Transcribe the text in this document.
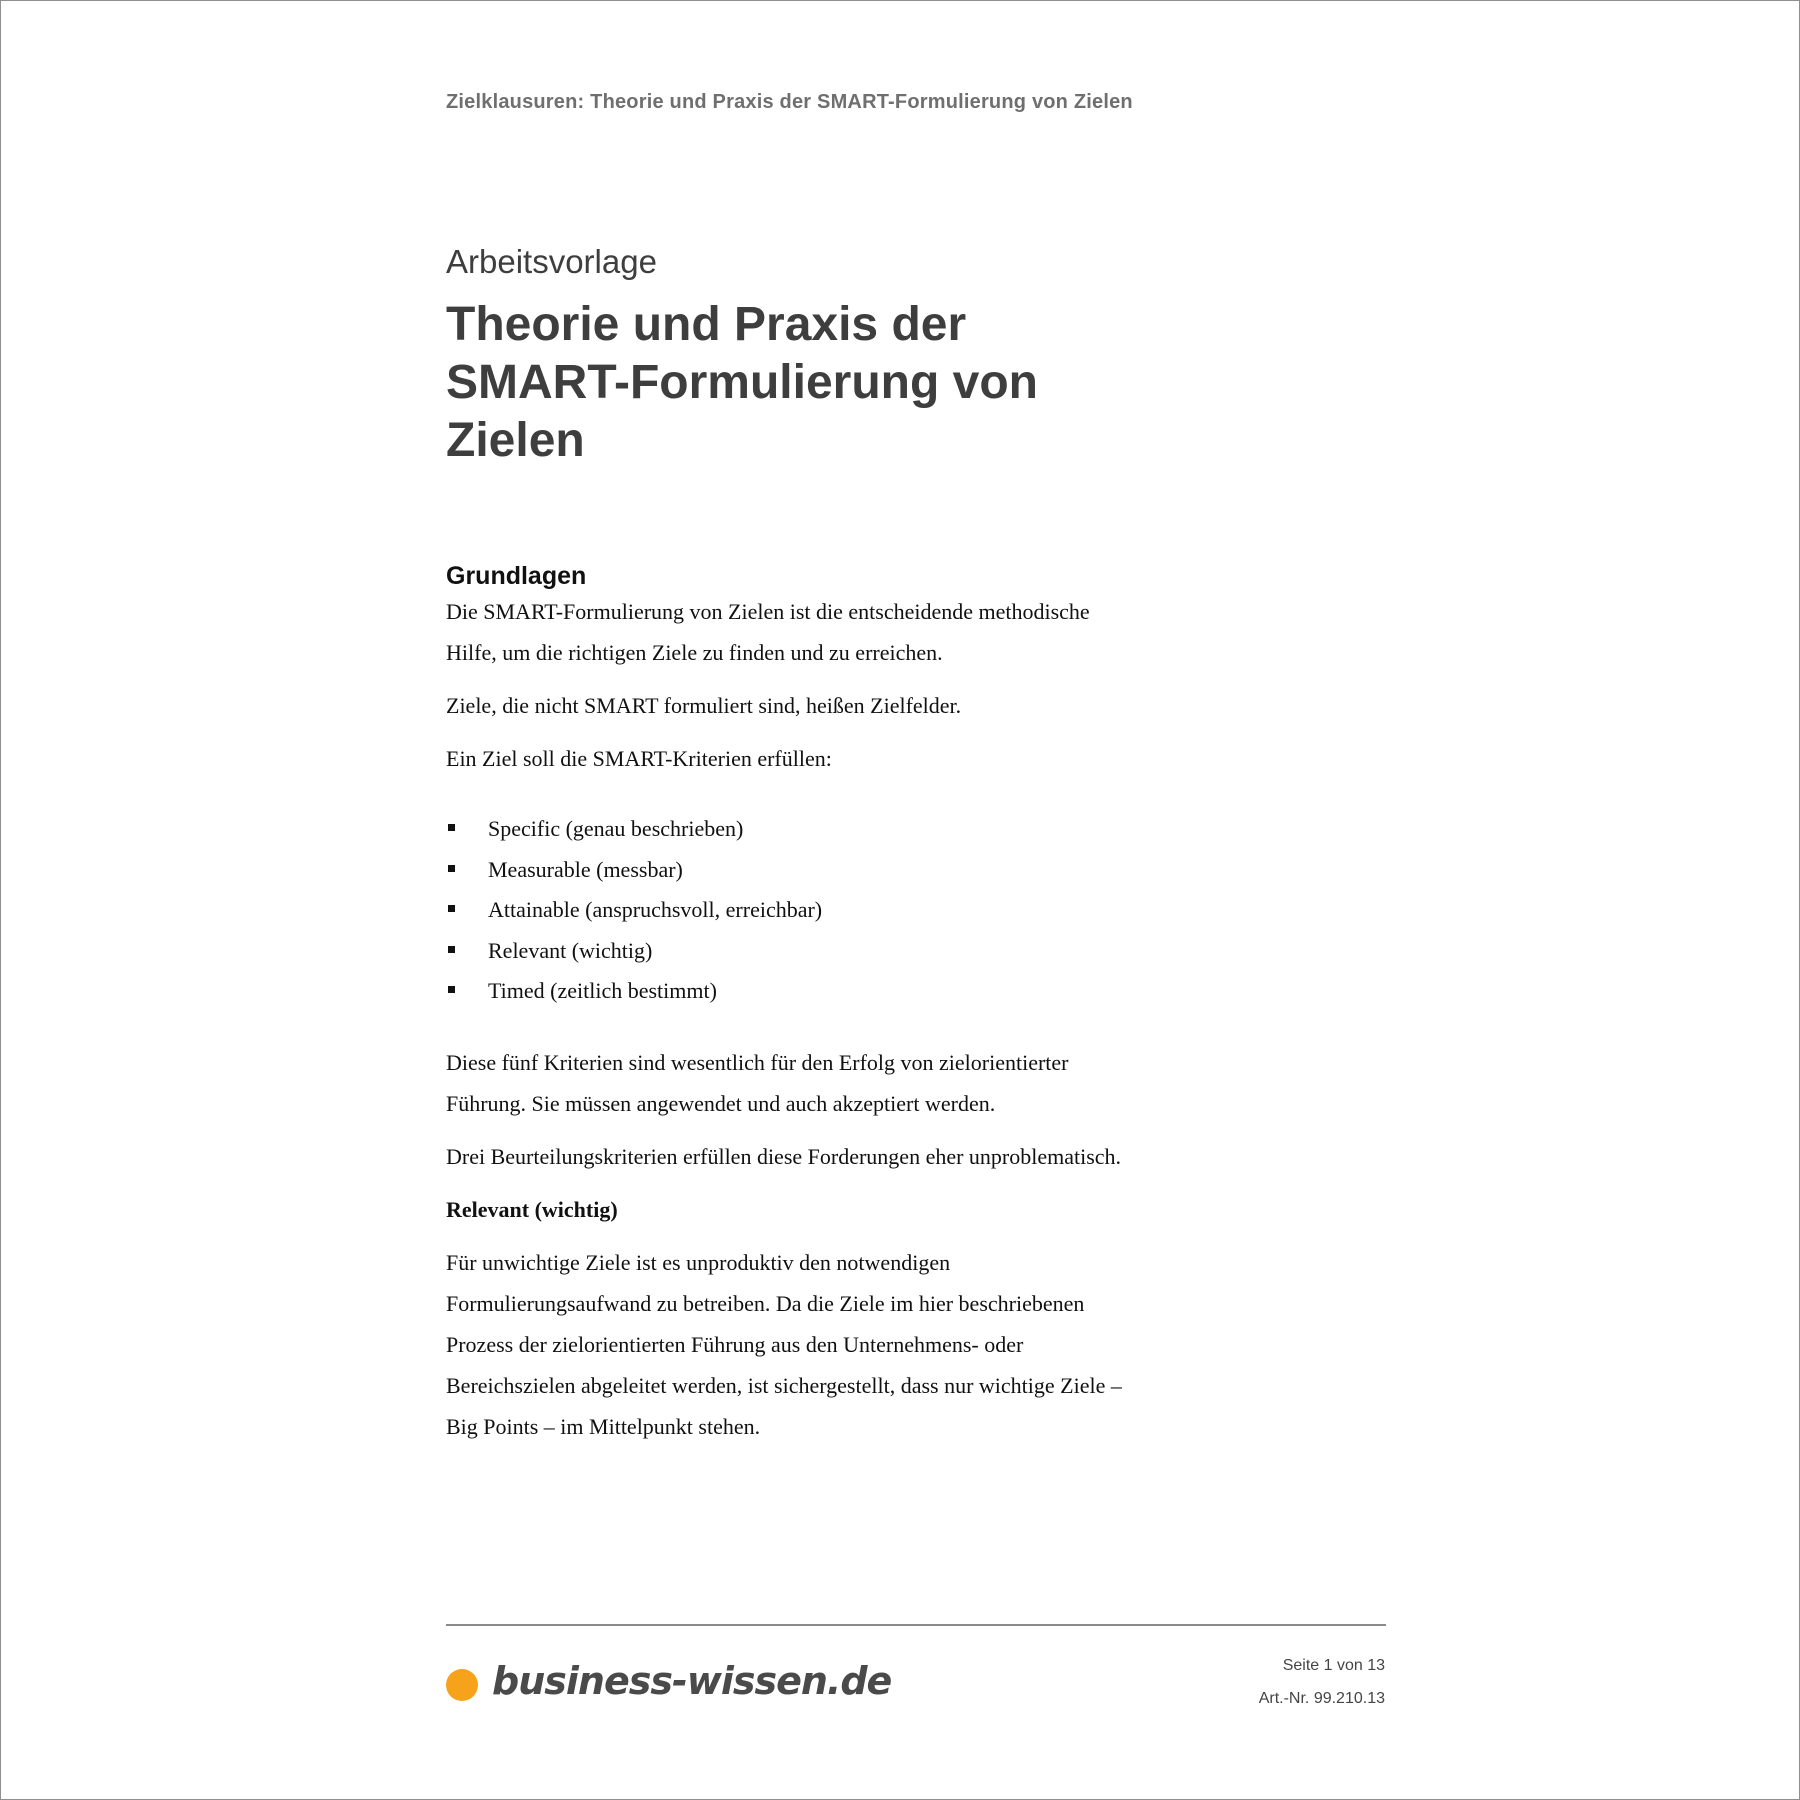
Zielklausuren: Theorie und Praxis der SMART-Formulierung von Zielen
Arbeitsvorlage
Theorie und Praxis der
SMART-Formulierung von
Zielen
Grundlagen

Die SMART-Formulierung von Zielen ist die entscheidende methodische
Hilfe, um die richtigen Ziele zu finden und zu erreichen.

Ziele, die nicht SMART formuliert sind, heißen Zielfelder.

Ein Ziel soll die SMART-Kriterien erfüllen:

Specific (genau beschrieben)
Measurable (messbar)
Attainable (anspruchsvoll, erreichbar)
Relevant (wichtig)
Timed (zeitlich bestimmt)

Diese fünf Kriterien sind wesentlich für den Erfolg von zielorientierter
Führung. Sie müssen angewendet und auch akzeptiert werden.

Drei Beurteilungskriterien erfüllen diese Forderungen eher unproblematisch.

Relevant (wichtig)

Für unwichtige Ziele ist es unproduktiv den notwendigen
Formulierungsaufwand zu betreiben. Da die Ziele im hier beschriebenen
Prozess der zielorientierten Führung aus den Unternehmens- oder
Bereichszielen abgeleitet werden, ist sichergestellt, dass nur wichtige Ziele –
Big Points – im Mittelpunkt stehen.

business-wissen.de	Seite 1 von 13
Art.-Nr. 99.210.13
